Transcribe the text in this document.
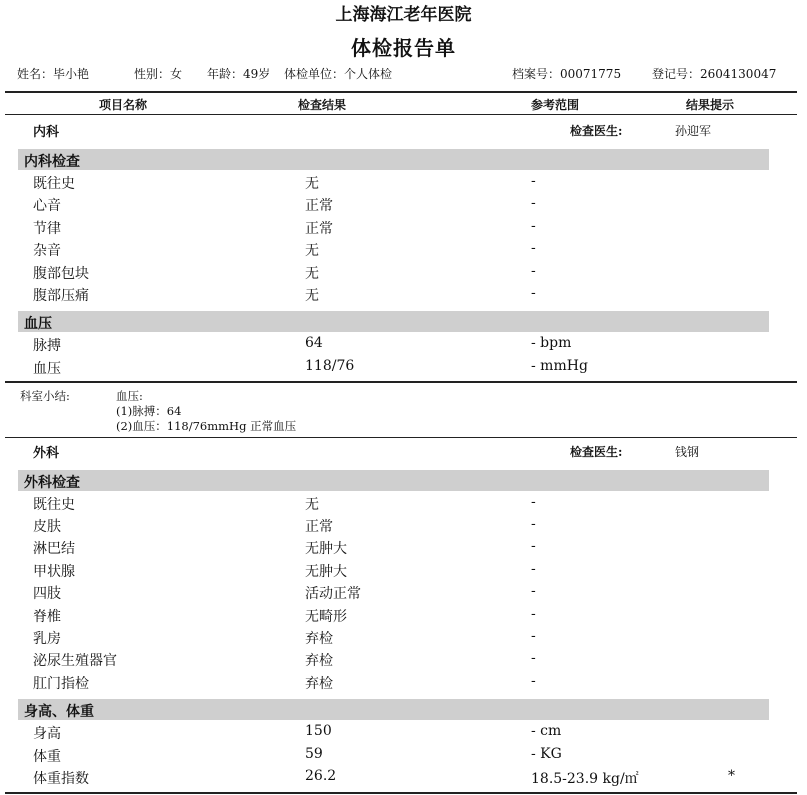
上海海江老年医院
体检报告单
姓名：毕小艳	性别：女 年龄：49岁 体检单位：个人体检	档案号：00071775	登记号：2604130047
项目名称	检查结果	参考范围	结果提示
内科	检查医生:	孙迎军
内科检查
既往史	无	-
心音	正常	-
节律	正常	-
杂音	无	-
腹部包块	无	-
腹部压痛	无	-
血压
脉搏	64	- bpm
血压	118/76	- mmHg
科室小结:	血压:
(1)脉搏：64
(2)血压：118/76mmHg 正常血压
外科	检查医生:	钱钢
外科检查
既往史	无	-
皮肤	正常	-
淋巴结	无肿大	-
甲状腺	无肿大	-
四肢	活动正常	-
脊椎	无畸形	-
乳房	弃检	-
泌尿生殖器官	弃检	-
肛门指检	弃检	-
身高、体重
身高	150	- cm
体重	59	- KG
体重指数	26.2	18.5-23.9 kg/㎡	*
